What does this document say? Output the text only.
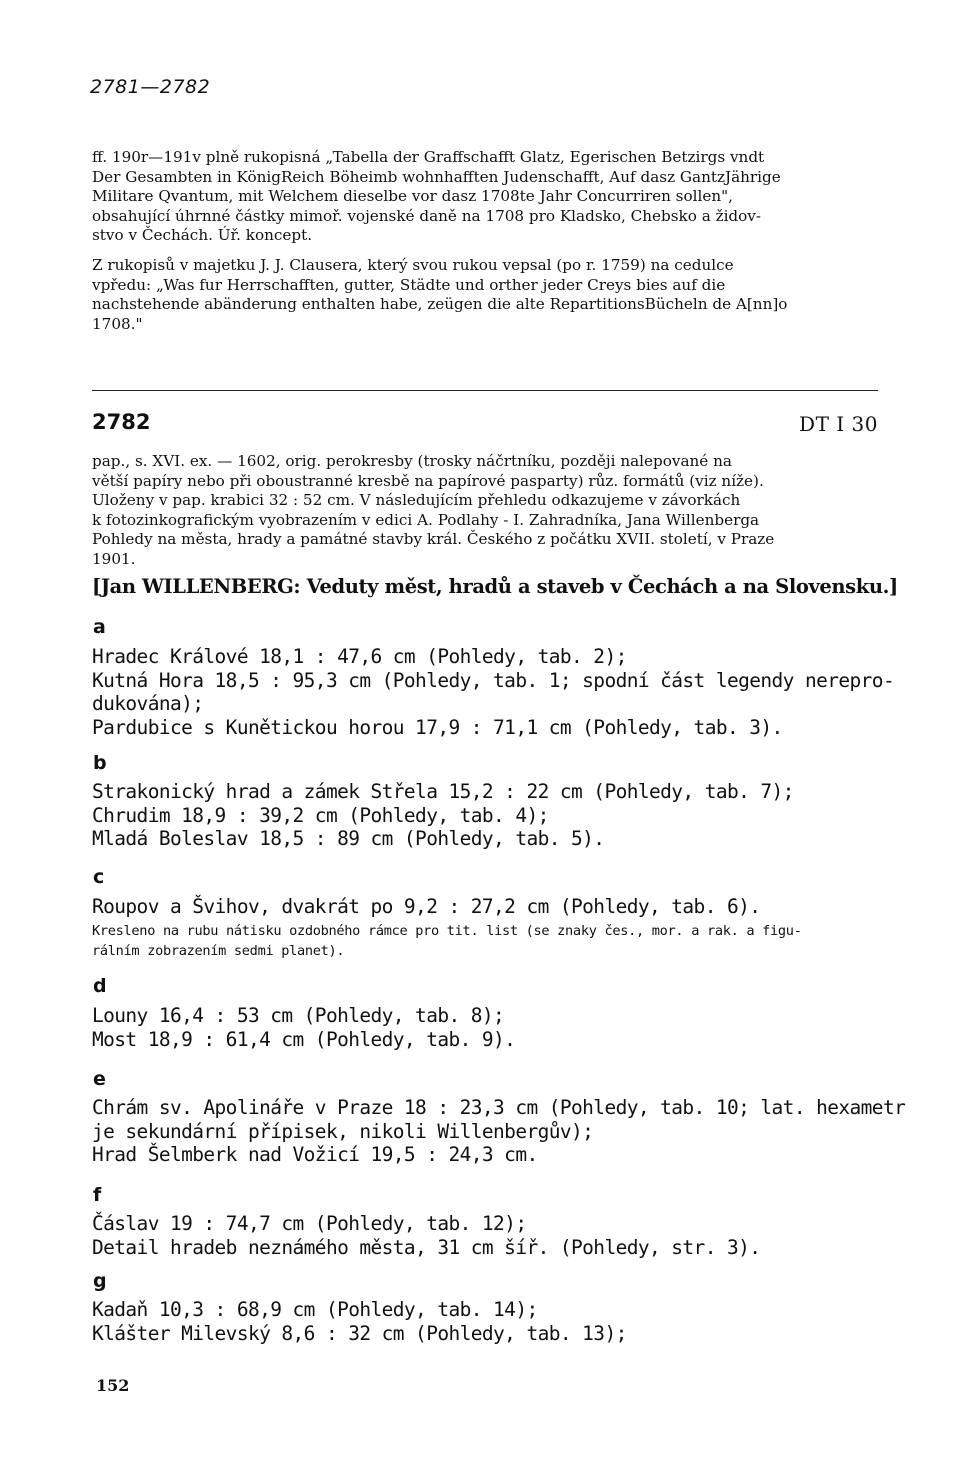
2781—2782

ff. 190r—191v plně rukopisná „Tabella der Graffschafft Glatz, Egerischen Betzirgs vndt

Der Gesambten in KönigReich Böheimb wohnhafften Judenschafft, Auf dasz GantzJährige

Militare Qvantum, mit Welchem dieselbe vor dasz 1708te Jahr Concurriren sollen",

obsahující úhrnné částky mimoř. vojenské daně na 1708 pro Kladsko, Chebsko a židov-

stvo v Čechách. Úř. koncept.

Z rukopisů v majetku J. J. Clausera, který svou rukou vepsal (po r. 1759) na cedulce

vpředu: „Was fur Herrschafften, gutter, Städte und orther jeder Creys bies auf die

nachstehende abänderung enthalten habe, zeügen die alte RepartitionsBücheln de A[nn]o

1708."

2782	DT I 30

pap., s. XVI. ex. — 1602, orig. perokresby (trosky náčrtníku, později nalepované na

větší papíry nebo při oboustranné kresbě na papírové pasparty) růz. formátů (viz níže).

Uloženy v pap. krabici 32 : 52 cm. V následujícím přehledu odkazujeme v závorkách

k fotozinkografickým vyobrazením v edici A. Podlahy - I. Zahradníka, Jana Willenberga

Pohledy na města, hrady a památné stavby král. Českého z počátku XVII. století, v Praze

1901.

[Jan WILLENBERG: Veduty měst, hradů a staveb v Čechách a na Slovensku.]
a

Hradec Králové 18,1 : 47,6 cm (Pohledy, tab. 2);

Kutná Hora 18,5 : 95,3 cm (Pohledy, tab. 1; spodní část legendy nerepro-

dukována);

Pardubice s Kunětickou horou 17,9 : 71,1 cm (Pohledy, tab. 3).

b

Strakonický hrad a zámek Střela 15,2 : 22 cm (Pohledy, tab. 7);

Chrudim 18,9 : 39,2 cm (Pohledy, tab. 4);

Mladá Boleslav 18,5 : 89 cm (Pohledy, tab. 5).

c

Roupov a Švihov, dvakrát po 9,2 : 27,2 cm (Pohledy, tab. 6).

Kresleno na rubu nátisku ozdobného rámce pro tit. list (se znaky čes., mor. a rak. a figu-

rálním zobrazením sedmi planet).

d

Louny 16,4 : 53 cm (Pohledy, tab. 8);

Most 18,9 : 61,4 cm (Pohledy, tab. 9).

e

Chrám sv. Apolináře v Praze 18 : 23,3 cm (Pohledy, tab. 10; lat. hexametr

je sekundární přípisek, nikoli Willenbergův);

Hrad Šelmberk nad Vožicí 19,5 : 24,3 cm.

f

Čáslav 19 : 74,7 cm (Pohledy, tab. 12);

Detail hradeb neznámého města, 31 cm šíř. (Pohledy, str. 3).

g

Kadaň 10,3 : 68,9 cm (Pohledy, tab. 14);

Klášter Milevský 8,6 : 32 cm (Pohledy, tab. 13);

152
